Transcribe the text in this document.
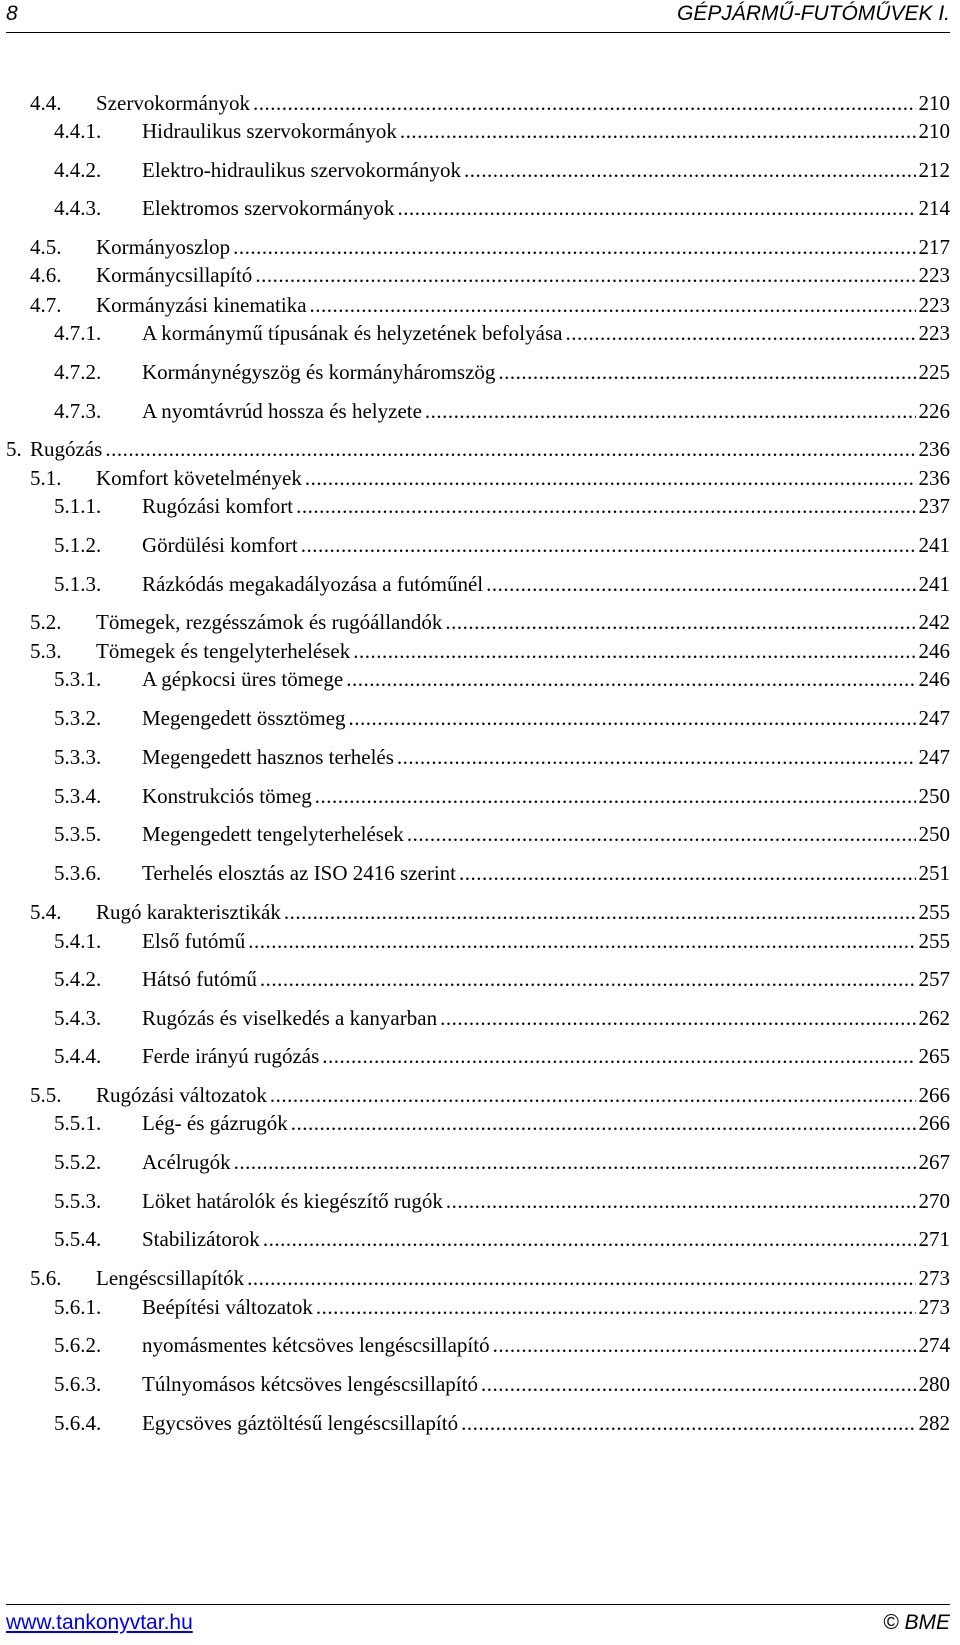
8	GÉPJÁRMŰ-FUTÓMŰVEK I.
4.4. Szervokormányok .....	210
4.4.1. Hidraulikus szervokormányok .....	210
4.4.2. Elektro-hidraulikus szervokormányok .....	212
4.4.3. Elektromos szervokormányok .....	214
4.5. Kormányoszlop .....	217
4.6. Kormánycsillapító .....	223
4.7. Kormányzási kinematika .....	223
4.7.1. A kormánymű típusának és helyzetének befolyása .....	223
4.7.2. Kormánynégyszög és kormányháromszög .....	225
4.7.3. A nyomtávrúd hossza és helyzete .....	226
5. Rugózás .....	236
5.1. Komfort követelmények .....	236
5.1.1. Rugózási komfort .....	237
5.1.2. Gördülési komfort .....	241
5.1.3. Rázkódás megakadályozása a futóműnél .....	241
5.2. Tömegek, rezgésszámok és rugóállandók .....	242
5.3. Tömegek és tengelyterhelések .....	246
5.3.1. A gépkocsi üres tömege .....	246
5.3.2. Megengedett össztömeg .....	247
5.3.3. Megengedett hasznos terhelés .....	247
5.3.4. Konstrukciós tömeg .....	250
5.3.5. Megengedett tengelyterhelések .....	250
5.3.6. Terhelés elosztás az ISO 2416 szerint .....	251
5.4. Rugó karakterisztikák .....	255
5.4.1. Első futómű .....	255
5.4.2. Hátsó futómű .....	257
5.4.3. Rugózás és viselkedés a kanyarban .....	262
5.4.4. Ferde irányú rugózás .....	265
5.5. Rugózási változatok .....	266
5.5.1. Lég- és gázrugók .....	266
5.5.2. Acélrugók .....	267
5.5.3. Löket határolók és kiegészítő rugók .....	270
5.5.4. Stabilizátorok .....	271
5.6. Lengéscsillapítók .....	273
5.6.1. Beépítési változatok .....	273
5.6.2. nyomásmentes kétcsöves lengéscsillapító .....	274
5.6.3. Túlnyomásos kétcsöves lengéscsillapító .....	280
5.6.4. Egycsöves gáztöltésű lengéscsillapító .....	282
www.tankonyvtar.hu	© BME
